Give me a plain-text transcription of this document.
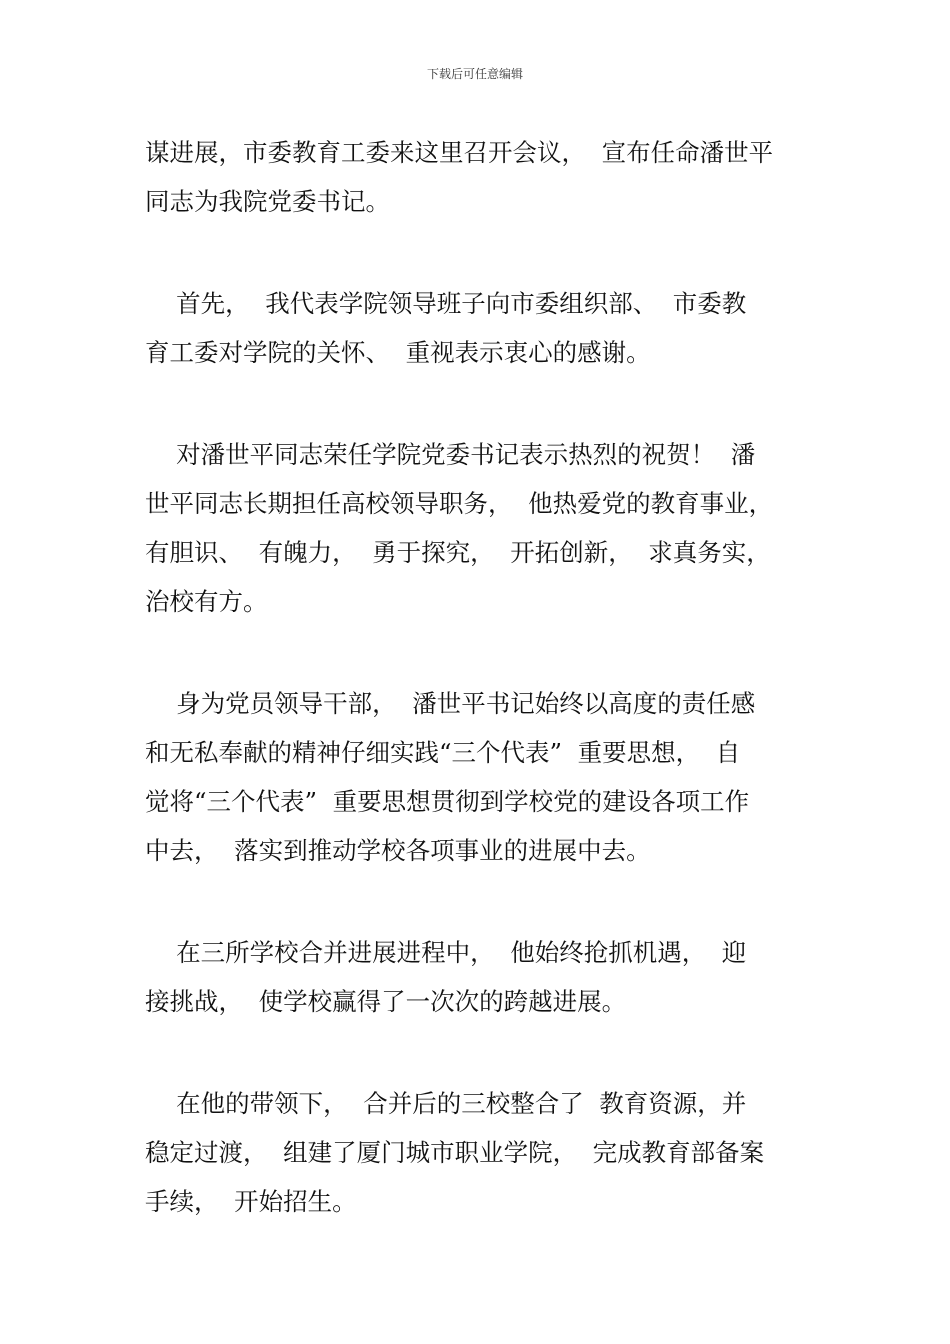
下载后可任意编辑

谋进展，市委教育工委来这里召开会议，  宣布任命潘世平
同志为我院党委书记。

首先，  我代表学院领导班子向市委组织部、  市委教
育工委对学院的关怀、  重视表示衷心的感谢。

对潘世平同志荣任学院党委书记表示热烈的祝贺！  潘
世平同志长期担任高校领导职务，  他热爱党的教育事业，
有胆识、  有魄力，  勇于探究，  开拓创新，  求真务实，
治校有方。

身为党员领导干部，  潘世平书记始终以高度的责任感
和无私奉献的精神仔细实践“三个代表”  重要思想，  自
觉将“三个代表”  重要思想贯彻到学校党的建设各项工作
中去，  落实到推动学校各项事业的进展中去。

在三所学校合并进展进程中，  他始终抢抓机遇，  迎
接挑战，  使学校赢得了一次次的跨越进展。

在他的带领下，  合并后的三校整合了  教育资源，并
稳定过渡，  组建了厦门城市职业学院，  完成教育部备案
手续，  开始招生。
